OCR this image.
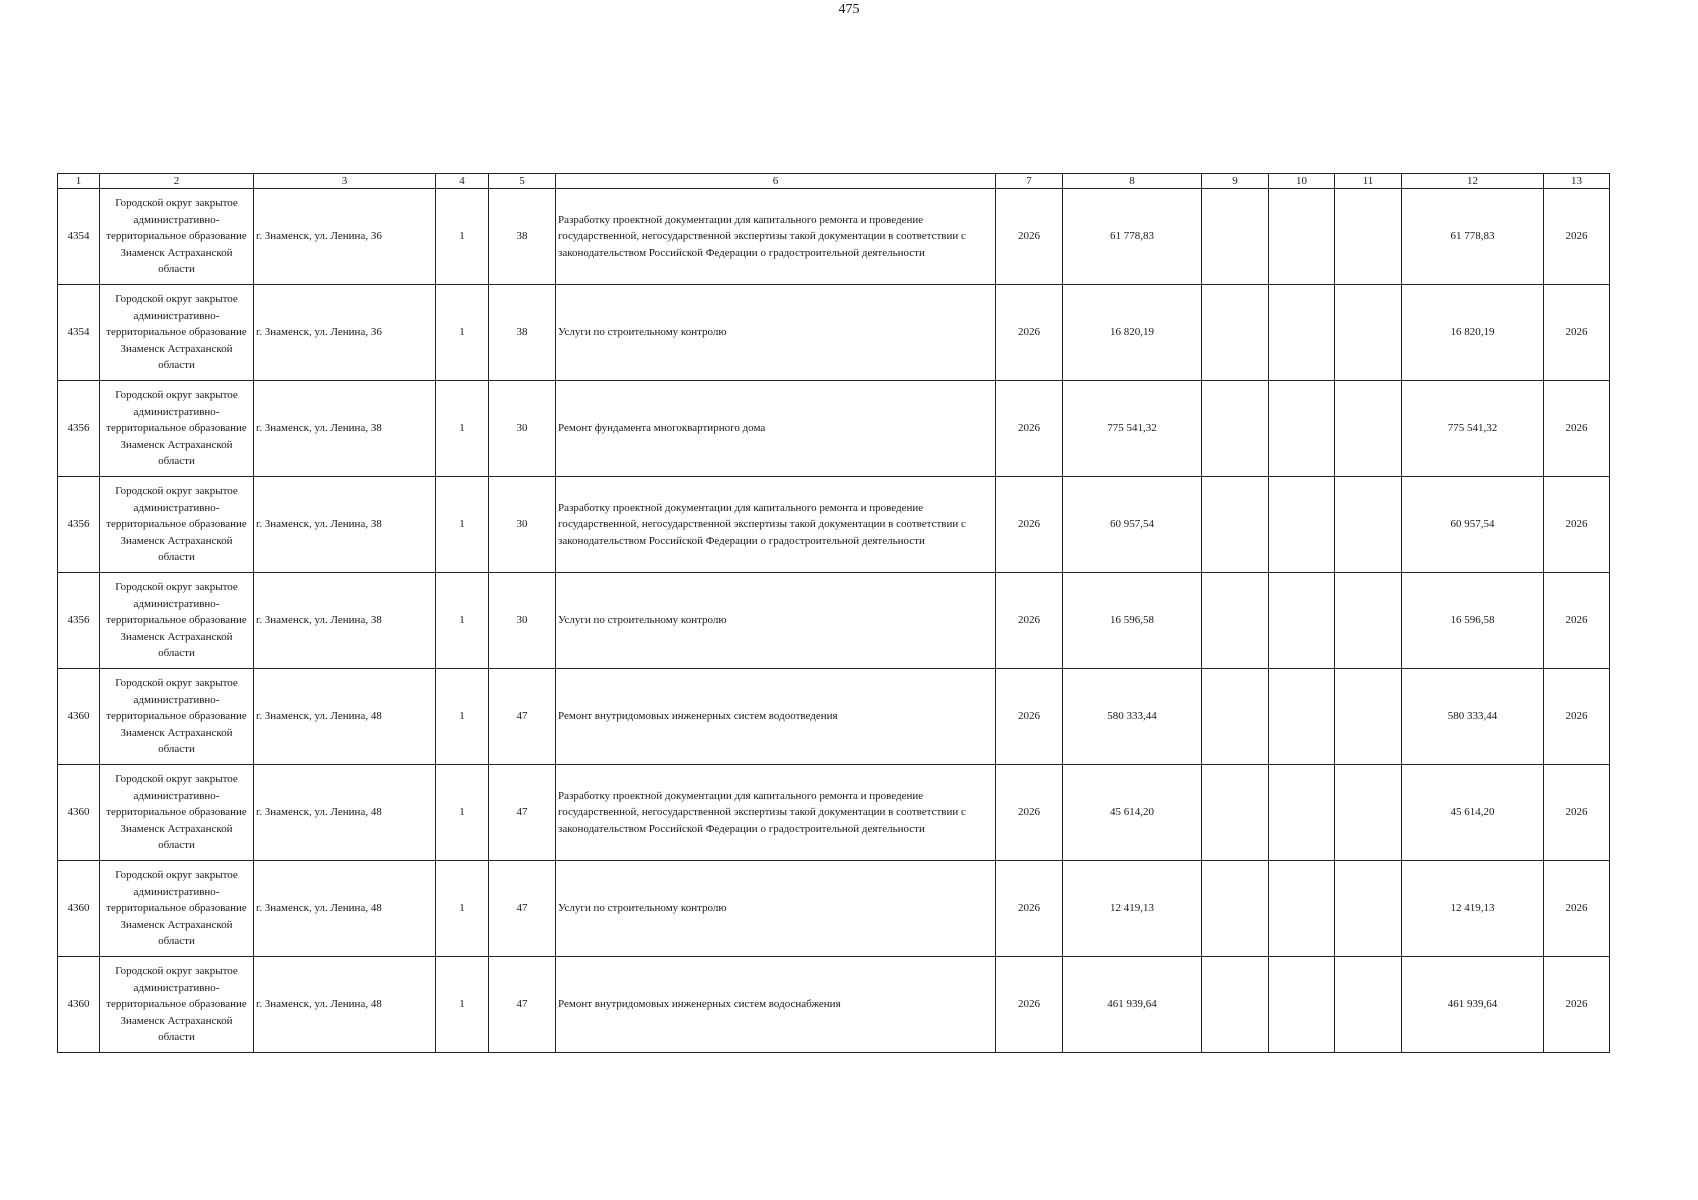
475
1	2	3	4	5	6	7	8	9	10	11	12	13
4354	Городской округ закрытое административно-территориальное образование Знаменск Астраханской области	г. Знаменск, ул. Ленина, 36	1	38	Разработку проектной документации для капитального ремонта и проведение государственной, негосударственной экспертизы такой документации в соответствии с законодательством Российской Федерации о градостроительной деятельности	2026	61 778,83				61 778,83	2026
4354	Городской округ закрытое административно-территориальное образование Знаменск Астраханской области	г. Знаменск, ул. Ленина, 36	1	38	Услуги по строительному контролю	2026	16 820,19				16 820,19	2026
4356	Городской округ закрытое административно-территориальное образование Знаменск Астраханской области	г. Знаменск, ул. Ленина, 38	1	30	Ремонт фундамента многоквартирного дома	2026	775 541,32				775 541,32	2026
4356	Городской округ закрытое административно-территориальное образование Знаменск Астраханской области	г. Знаменск, ул. Ленина, 38	1	30	Разработку проектной документации для капитального ремонта и проведение государственной, негосударственной экспертизы такой документации в соответствии с законодательством Российской Федерации о градостроительной деятельности	2026	60 957,54				60 957,54	2026
4356	Городской округ закрытое административно-территориальное образование Знаменск Астраханской области	г. Знаменск, ул. Ленина, 38	1	30	Услуги по строительному контролю	2026	16 596,58				16 596,58	2026
4360	Городской округ закрытое административно-территориальное образование Знаменск Астраханской области	г. Знаменск, ул. Ленина, 48	1	47	Ремонт внутридомовых инженерных систем водоотведения	2026	580 333,44				580 333,44	2026
4360	Городской округ закрытое административно-территориальное образование Знаменск Астраханской области	г. Знаменск, ул. Ленина, 48	1	47	Разработку проектной документации для капитального ремонта и проведение государственной, негосударственной экспертизы такой документации в соответствии с законодательством Российской Федерации о градостроительной деятельности	2026	45 614,20				45 614,20	2026
4360	Городской округ закрытое административно-территориальное образование Знаменск Астраханской области	г. Знаменск, ул. Ленина, 48	1	47	Услуги по строительному контролю	2026	12 419,13				12 419,13	2026
4360	Городской округ закрытое административно-территориальное образование Знаменск Астраханской области	г. Знаменск, ул. Ленина, 48	1	47	Ремонт внутридомовых инженерных систем водоснабжения	2026	461 939,64				461 939,64	2026
